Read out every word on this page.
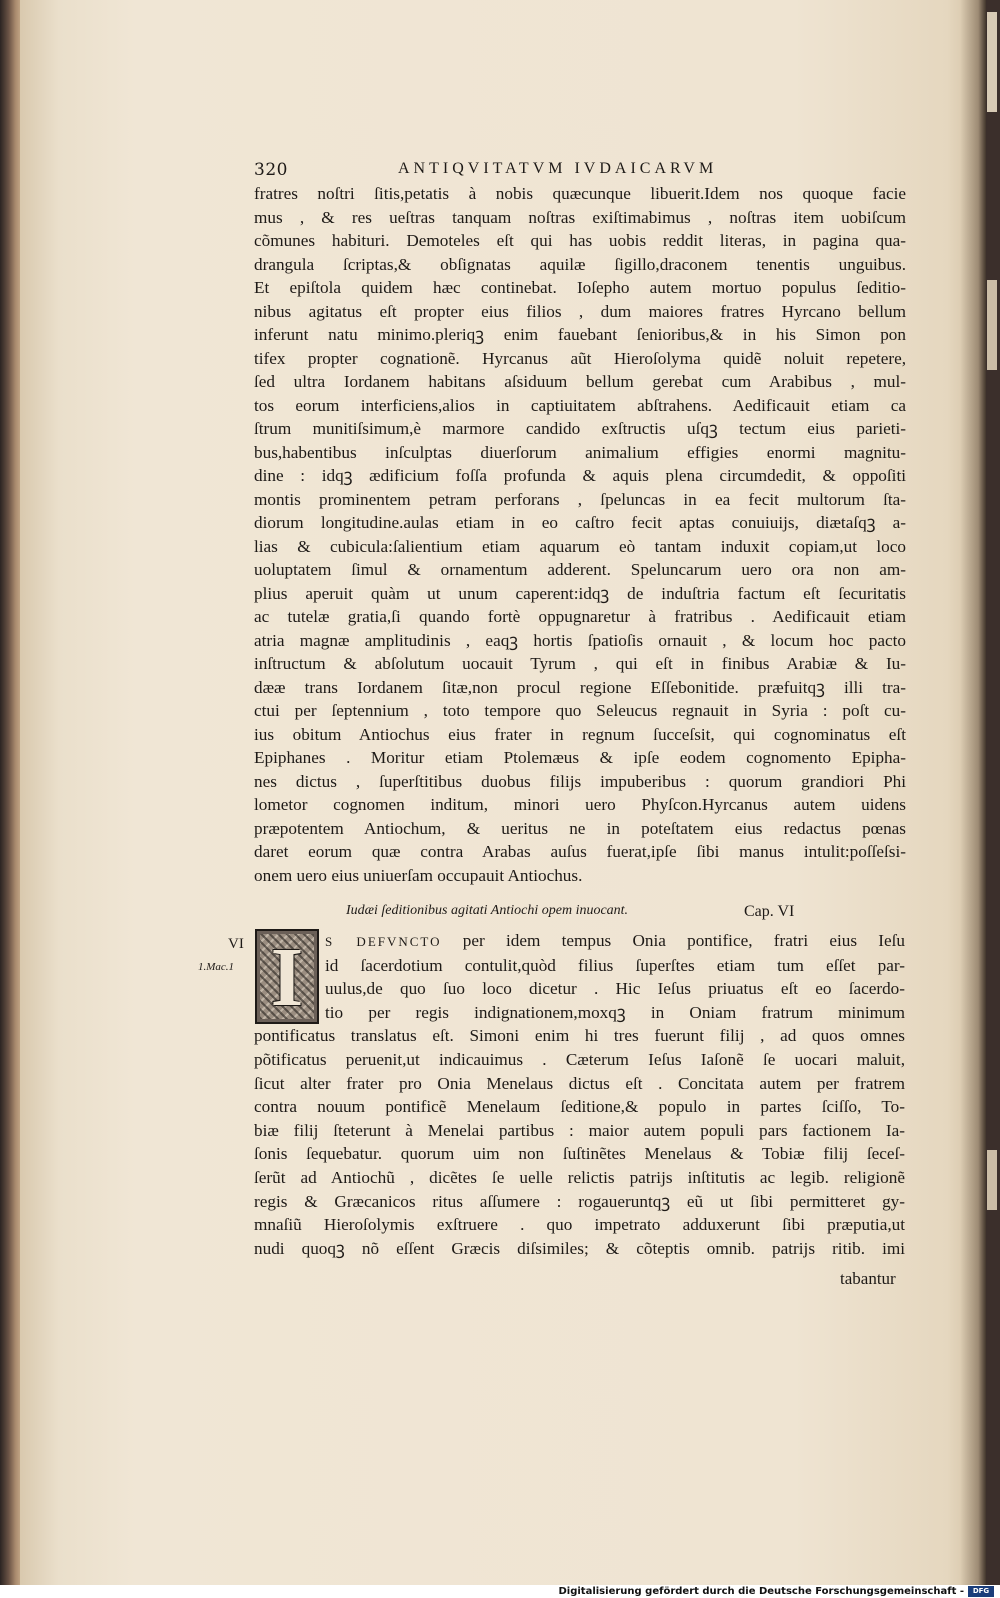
320	ANTIQVITATVM IVDAICARVM
fratres noſtri ſitis,petatis à nobis quæcunque libuerit.Idem nos quoque facie
mus , & res ueſtras tanquam noſtras exiſtimabimus , noſtras item uobiſcum
cõmunes habituri. Demoteles eſt qui has uobis reddit literas, in pagina qua-
drangula ſcriptas,& obſignatas aquilæ ſigillo,draconem tenentis unguibus.
Et epiſtola quidem hæc continebat. Ioſepho autem mortuo populus ſeditio-
nibus agitatus eſt propter eius filios , dum maiores fratres Hyrcano bellum
inferunt natu minimo.pleriqꝫ enim fauebant ſenioribus,& in his Simon pon
tifex propter cognationẽ. Hyrcanus aũt Hieroſolyma quidẽ noluit repetere,
ſed ultra Iordanem habitans aſsiduum bellum gerebat cum Arabibus , mul-
tos eorum interficiens,alios in captiuitatem abſtrahens. Aedificauit etiam ca
ſtrum munitiſsimum,è marmore candido exſtructis uſqꝫ tectum eius parieti-
bus,habentibus inſculptas diuerſorum animalium effigies enormi magnitu-
dine : idqꝫ ædificium foſſa profunda & aquis plena circumdedit, & oppoſiti
montis prominentem petram perforans , ſpeluncas in ea fecit multorum ſta-
diorum longitudine.aulas etiam in eo caſtro fecit aptas conuiuijs, diætaſqꝫ a-
lias & cubicula:ſalientium etiam aquarum eò tantam induxit copiam,ut loco
uoluptatem ſimul & ornamentum adderent. Speluncarum uero ora non am-
plius aperuit quàm ut unum caperent:idqꝫ de induſtria factum eſt ſecuritatis
ac tutelæ gratia,ſi quando fortè oppugnaretur à fratribus . Aedificauit etiam
atria magnæ amplitudinis , eaqꝫ hortis ſpatioſis ornauit , & locum hoc pacto
inſtructum & abſolutum uocauit Tyrum , qui eſt in finibus Arabiæ & Iu-
dææ trans Iordanem ſitæ,non procul regione Eſſebonitide. præfuitqꝫ illi tra-
ctui per ſeptennium , toto tempore quo Seleucus regnauit in Syria : poſt cu-
ius obitum Antiochus eius frater in regnum ſucceſsit, qui cognominatus eſt
Epiphanes . Moritur etiam Ptolemæus & ipſe eodem cognomento Epipha-
nes dictus , ſuperſtitibus duobus filijs impuberibus : quorum grandiori Phi
lometor cognomen inditum, minori uero Phyſcon.Hyrcanus autem uidens
præpotentem Antiochum, & ueritus ne in poteſtatem eius redactus pœnas
daret eorum quæ contra Arabas auſus fuerat,ipſe ſibi manus intulit:poſſeſsi-
onem uero eius uniuerſam occupauit Antiochus.
Iudæi ſeditionibus agitati Antiochi opem inuocant.	Cap. VI
VI
1.Mac.1 I	S DEFVNCTO per idem tempus Onia pontifice, fratri eius Ieſu
id ſacerdotium contulit,quòd filius ſuperſtes etiam tum eſſet par-
uulus,de quo ſuo loco dicetur . Hic Ieſus priuatus eſt eo ſacerdo-
tio per regis indignationem,moxqꝫ in Oniam fratrum minimum
pontificatus translatus eſt. Simoni enim hi tres fuerunt filij , ad quos omnes
põtificatus peruenit,ut indicauimus . Cæterum Ieſus Iaſonẽ ſe uocari maluit,
ſicut alter frater pro Onia Menelaus dictus eſt . Concitata autem per fratrem
contra nouum pontificẽ Menelaum ſeditione,& populo in partes ſciſſo, To-
biæ filij ſteterunt à Menelai partibus : maior autem populi pars factionem Ia-
ſonis ſequebatur. quorum uim non ſuſtinẽtes Menelaus & Tobiæ filij ſeceſ-
ſerũt ad Antiochũ , dicẽtes ſe uelle relictis patrijs inſtitutis ac legib. religionẽ
regis & Græcanicos ritus aſſumere : rogaueruntqꝫ eũ ut ſibi permitteret gy-
mnaſiũ Hieroſolymis exſtruere . quo impetrato adduxerunt ſibi præputia,ut
nudi quoqꝫ nõ eſſent Græcis diſsimiles; & cõteptis omnib. patrijs ritib. imi
tabantur
Digitalisierung gefördert durch die Deutsche Forschungsgemeinschaft -	DFG
